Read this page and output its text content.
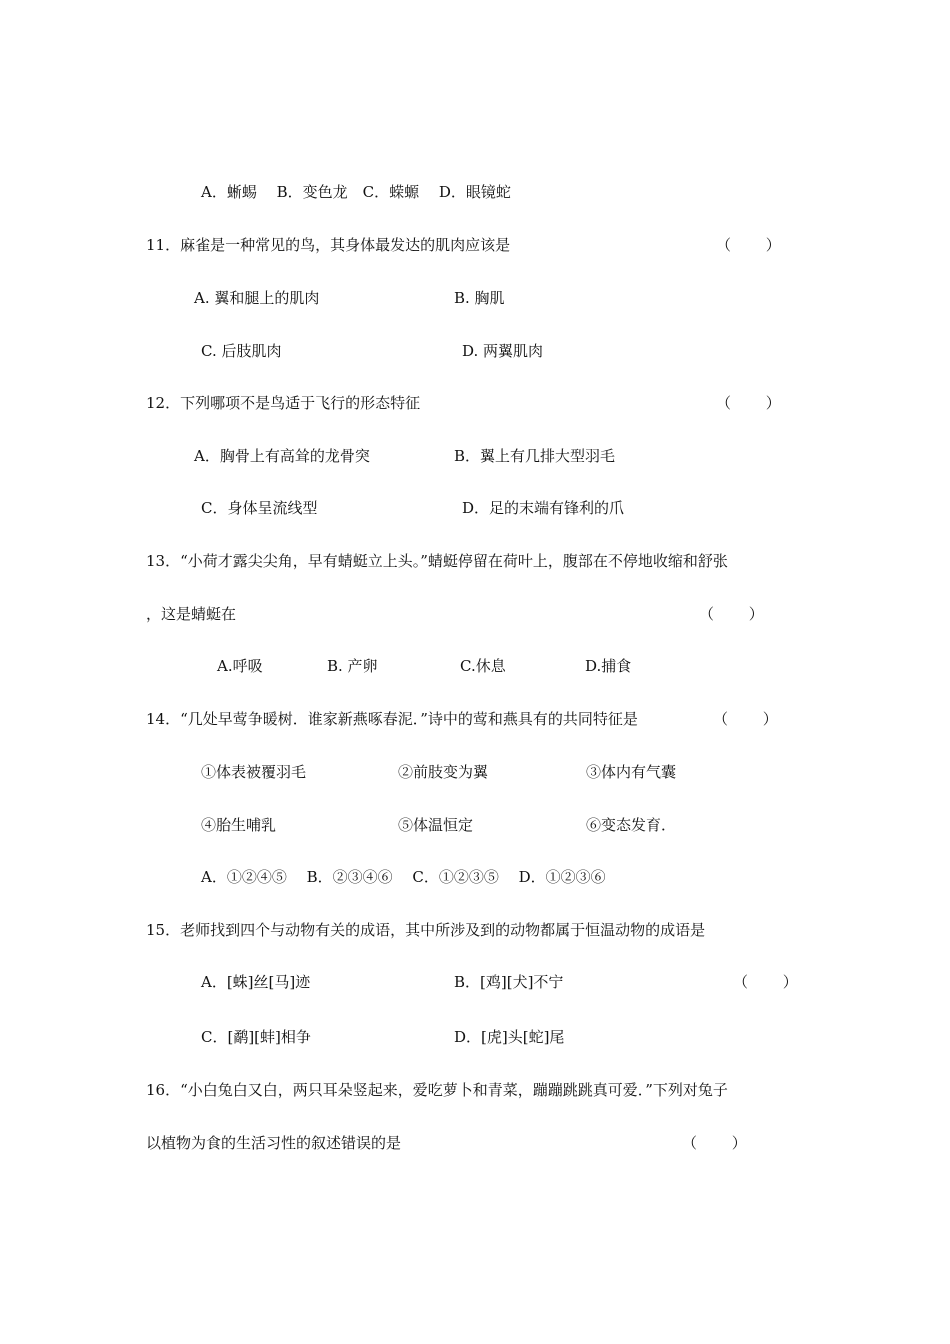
A．蜥蜴　 B．变色龙　C．蝾螈　 D．眼镜蛇
11．麻雀是一种常见的鸟，其身体最发达的肌肉应该是	（　　 ）
A. 翼和腿上的肌肉	B. 胸肌
C. 后肢肌肉	D. 两翼肌肉
12．下列哪项不是鸟适于飞行的形态特征	（　　 ）
A．胸骨上有高耸的龙骨突	B．翼上有几排大型羽毛
C．身体呈流线型	D．足的末端有锋利的爪
13．“小荷才露尖尖角，早有蜻蜓立上头。”蜻蜓停留在荷叶上，腹部在不停地收缩和舒张
，这是蜻蜓在	（　　 ）
A.呼吸	B. 产卵	C.休息	D.捕食
14．“几处早莺争暖树．谁家新燕啄春泥．”诗中的莺和燕具有的共同特征是	（　　 ）
①体表被覆羽毛	②前肢变为翼	③体内有气囊
④胎生哺乳	⑤体温恒定	⑥变态发育．
A．①②④⑤　 B．②③④⑥　 C．①②③⑤　 D．①②③⑥
15．老师找到四个与动物有关的成语，其中所涉及到的动物都属于恒温动物的成语是
A．[蛛]丝[马]迹	B．[鸡][犬]不宁	（　　 ）
C．[鹬][蚌]相争	D．[虎]头[蛇]尾
16．“小白兔白又白，两只耳朵竖起来，爱吃萝卜和青菜，蹦蹦跳跳真可爱．”下列对兔子
以植物为食的生活习性的叙述错误的是	（　　 ）
